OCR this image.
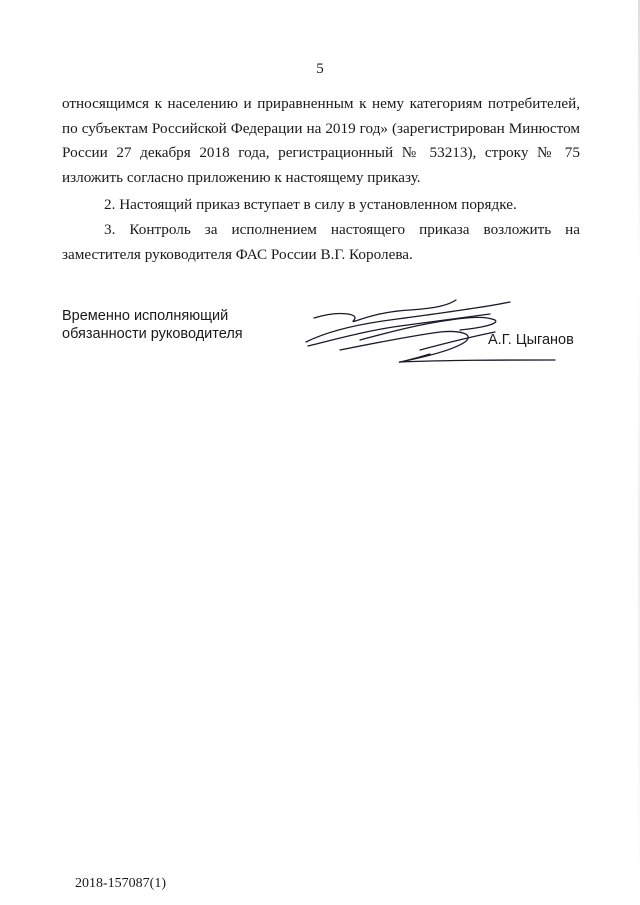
5
относящимся к населению и приравненным к нему категориям потребителей,
по субъектам Российской Федерации на 2019 год» (зарегистрирован Минюстом
России 27 декабря 2018 года, регистрационный № 53213), строку № 75
изложить согласно приложению к настоящему приказу.
2. Настоящий приказ вступает в силу в установленном порядке.
3. Контроль за исполнением настоящего приказа возложить на
заместителя руководителя ФАС России В.Г. Королева.
Временно исполняющий
обязанности руководителя	А.Г. Цыганов
2018-157087(1)
